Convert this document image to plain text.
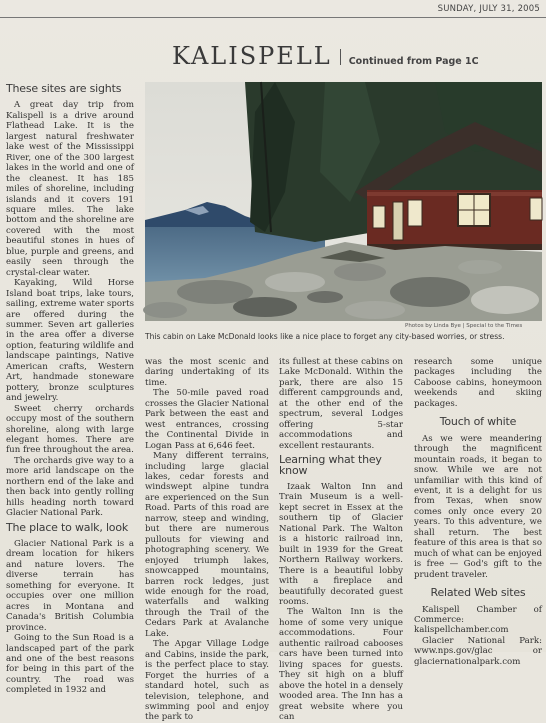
SUNDAY, JULY 31, 2005
KALISPELL Continued from Page 1C
These sites are sights

A great day trip from Kalispell is a drive around Flathead Lake. It is the largest natural freshwater lake west of the Mississippi River, one of the 300 largest lakes in the world and one of the cleanest. It has 185 miles of shoreline, including islands and it covers 191 square miles. The lake bottom and the shoreline are covered with the most beautiful stones in hues of blue, purple and greens, and easily seen through the crystal-clear water.

Kayaking, Wild Horse Island boat trips, lake tours, sailing, extreme water sports are offered during the summer. Seven art galleries in the area offer a diverse option, featuring wildlife and landscape paintings, Native American crafts, Western Art, handmade stoneware pottery, bronze sculptures and jewelry.

Sweet cherry orchards occupy most of the southern shoreline, along with large elegant homes. There are fun free throughout the area.

The orchards give way to a more arid landscape on the northern end of the lake and then back into gently rolling hills heading north toward Glacier National Park.

The place to walk, look

Glacier National Park is a dream location for hikers and nature lovers. The diverse terrain has something for everyone. It occupies over one million acres in Montana and Canada's British Columbia province.

Going to the Sun Road is a landscaped part of the park and one of the best reasons for being in this part of the country. The road was completed in 1932 and

Photos by Linda Bye | Special to the Times
This cabin on Lake McDonald looks like a nice place to forget any city-based worries, or stress.

was the most scenic and daring undertaking of its time.

The 50-mile paved road crosses the Glacier National Park between the east and west entrances, crossing the Continental Divide in Logan Pass at 6,646 feet.

Many different terrains, including large glacial lakes, cedar forests and windswept alpine tundra are experienced on the Sun Road. Parts of this road are narrow, steep and winding, but there are numerous pullouts for viewing and photographing scenery. We enjoyed triumph lakes, snowcapped mountains, barren rock ledges, just wide enough for the road, waterfalls and walking through the Trail of the Cedars Park at Avalanche Lake.

The Apgar Village Lodge and Cabins, inside the park, is the perfect place to stay. Forget the hurries of a standard hotel, such as television, telephone, and swimming pool and enjoy the park to

its fullest at these cabins on Lake McDonald. Within the park, there are also 15 different campgrounds and, at the other end of the spectrum, several Lodges offering 5-star accommodations and excellent restaurants.

Learning what they know

Izaak Walton Inn and Train Museum is a well-kept secret in Essex at the southern tip of Glacier National Park. The Walton is a historic railroad inn, built in 1939 for the Great Northern Railway workers. There is a beautiful lobby with a fireplace and beautifully decorated guest rooms.

The Walton Inn is the home of some very unique accommodations. Four authentic railroad cabooses cars have been turned into living spaces for guests. They sit high on a bluff above the hotel in a densely wooded area. The Inn has a great website where you can

research some unique packages including the Caboose cabins, honeymoon weekends and skiing packages.

Touch of white

As we were meandering through the magnificent mountain roads, it began to snow. While we are not unfamiliar with this kind of event, it is a delight for us from Texas, when snow comes only once every 20 years. To this adventure, we shall return. The best feature of this area is that so much of what can be enjoyed is free — God's gift to the prudent traveler.

Related Web sites

Kalispell Chamber of Commerce: kalispellchamber.com

Glacier National Park: www.nps.gov/glac or glaciernationalpark.com
